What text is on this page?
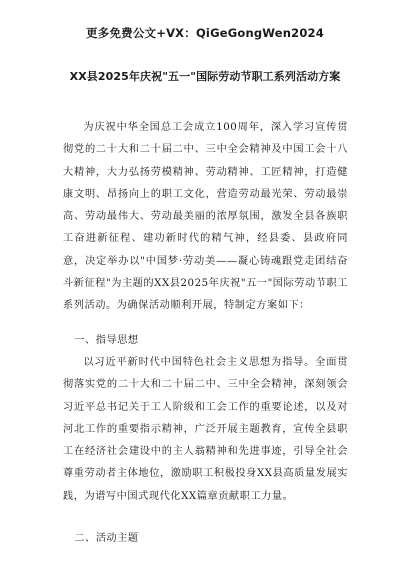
更多免费公文+VX：QiGeGongWen2024
XX县2025年庆祝"五一"国际劳动节职工系列活动方案

为庆祝中华全国总工会成立100周年，深入学习宣传贯彻党的二十大和二十届二中、三中全会精神及中国工会十八大精神，大力弘扬劳模精神、劳动精神、工匠精神，打造健康文明、昂扬向上的职工文化，营造劳动最光荣、劳动最崇高、劳动最伟大、劳动最美丽的浓厚氛围，激发全县各族职工奋进新征程、建功新时代的精气神，经县委、县政府同意，决定举办以"中国梦·劳动美——凝心铸魂跟党走团结奋斗新征程"为主题的XX县2025年庆祝"五一"国际劳动节职工系列活动。为确保活动顺利开展，特制定方案如下：

一、指导思想

以习近平新时代中国特色社会主义思想为指导。全面贯彻落实党的二十大和二十届二中、三中全会精神，深刻领会习近平总书记关于工人阶级和工会工作的重要论述，以及对河北工作的重要指示精神，广泛开展主题教育，宣传全县职工在经济社会建设中的主人翁精神和先进事迹，引导全社会尊重劳动者主体地位，激励职工积极投身XX县高质量发展实践，为谱写中国式现代化XX篇章贡献职工力量。

二、活动主题
